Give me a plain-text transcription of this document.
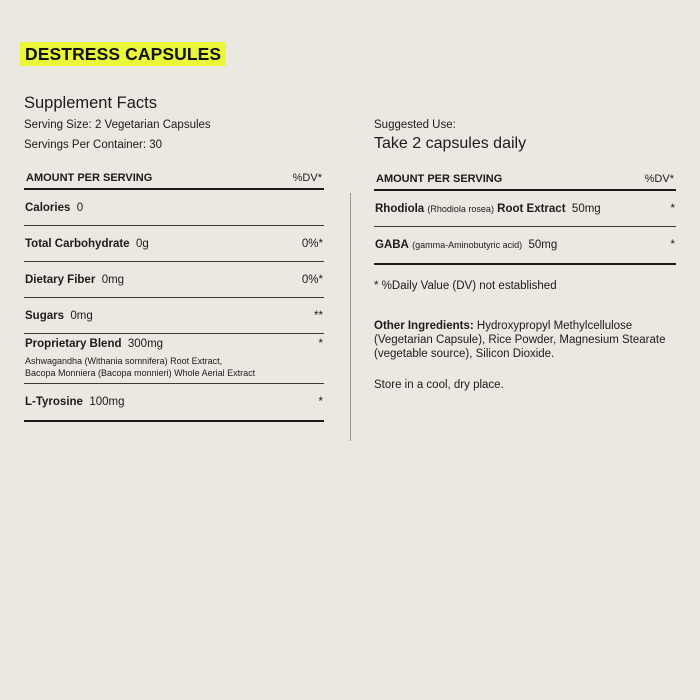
DESTRESS CAPSULES
Supplement Facts
Serving Size: 2 Vegetarian Capsules
Servings Per Container: 30
AMOUNT PER SERVING	%DV*
Calories 0
Total Carbohydrate 0g	0%*
Dietary Fiber 0mg	0%*
Sugars 0mg	**
Proprietary Blend 300mg	*
Ashwagandha (Withania somnifera) Root Extract,
Bacopa Monniera (Bacopa monnieri) Whole Aerial Extract
L-Tyrosine 100mg	*
Suggested Use:
Take 2 capsules daily
AMOUNT PER SERVING	%DV*
Rhodiola (Rhodiola rosea) Root Extract 50mg	*
GABA (gamma-Aminobutyric acid) 50mg	*
* %Daily Value (DV) not established
Other Ingredients: Hydroxypropyl Methylcellulose (Vegetarian Capsule), Rice Powder, Magnesium Stearate (vegetable source), Silicon Dioxide.
Store in a cool, dry place.
